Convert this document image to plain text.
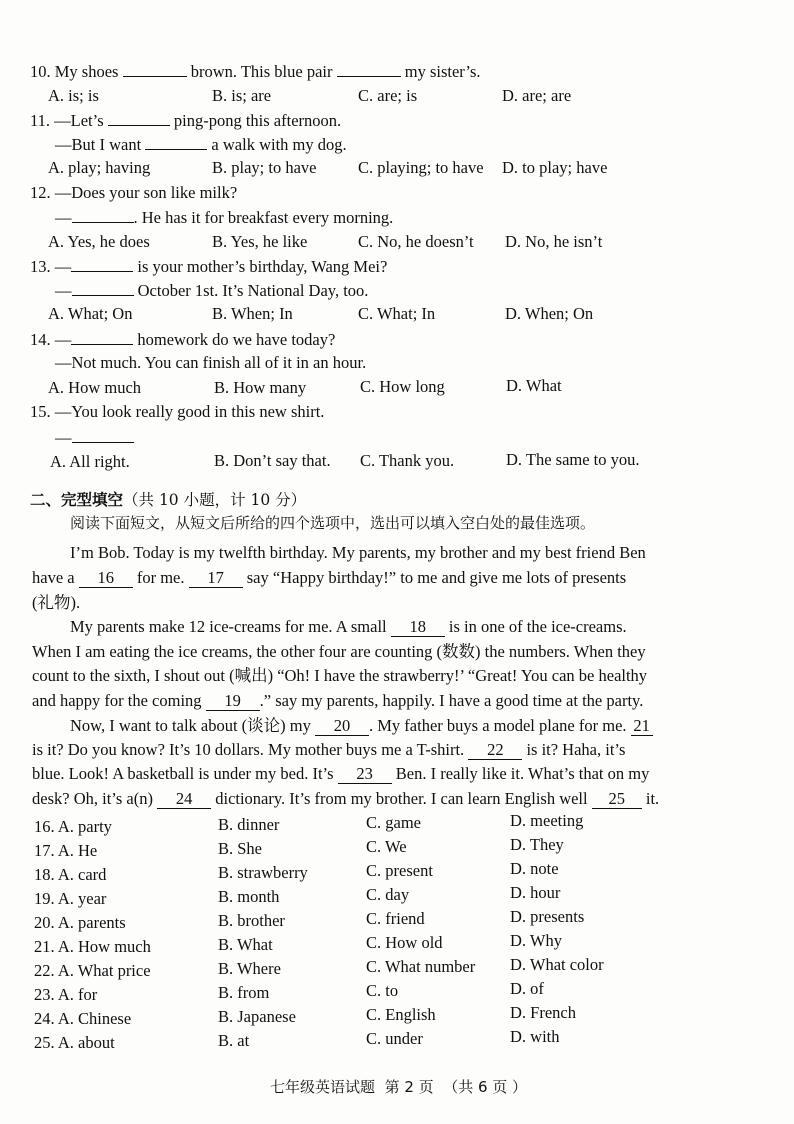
10. My shoes	brown. This blue pair	my sister’s.
A. is; is	B. is; are	C. are; is	D. are; are
11. —Let’s	ping-pong this afternoon.
—But I want	a walk with my dog.
A. play; having	B. play; to have	C. playing; to have D. to play; have
12. —Does your son like milk?
—	. He has it for breakfast every morning.
A. Yes, he does	B. Yes, he like	C. No, he doesn’t D. No, he isn’t
13. —	is your mother’s birthday, Wang Mei?
—	October 1st. It’s National Day, too.
A. What; On	B. When; In	C. What; In	D. When; On
14. —	homework do we have today?
—Not much. You can finish all of it in an hour.
A. How much	B. How many	C. How long	D. What
15. —You look really good in this new shirt.
—
A. All right.	B. Don’t say that. C. Thank you.	D. The same to you.
二、完型填空（共 10 小题，计 10 分）
阅读下面短文，从短文后所给的四个选项中，选出可以填入空白处的最佳选项。
I’m Bob. Today is my twelfth birthday. My parents, my brother and my best friend Ben
have a 16 for me. 17 say “Happy birthday!” to me and give me lots of presents
(礼物).
My parents make 12 ice-creams for me. A small 18 is in one of the ice-creams.
When I am eating the ice creams, the other four are counting (数数) the numbers. When they
count to the sixth, I shout out (喊出) “Oh! I have the strawberry!’ “Great! You can be healthy
and happy for the coming 19 .” say my parents, happily. I have a good time at the party.
Now, I want to talk about (谈论) my 20 . My father buys a model plane for me. 21
is it? Do you know? It’s 10 dollars. My mother buys me a T-shirt. 22 is it? Haha, it’s
blue. Look! A basketball is under my bed. It’s 23 Ben. I really like it. What’s that on my
desk? Oh, it’s a(n) 24 dictionary. It’s from my brother. I can learn English well 25 it.
16. A. party	B. dinner	C. game	D. meeting
17. A. He	B. She	C. We	D. They
18. A. card	B. strawberry	C. present	D. note
19. A. year	B. month	C. day	D. hour
20. A. parents	B. brother	C. friend	D. presents
21. A. How much	B. What	C. How old	D. Why
22. A. What price	B. Where	C. What number D. What color
23. A. for	B. from	C. to	D. of
24. A. Chinese	B. Japanese	C. English	D. French
25. A. about	B. at	C. under	D. with
七年级英语试题 第 2 页 （共 6 页 ）
